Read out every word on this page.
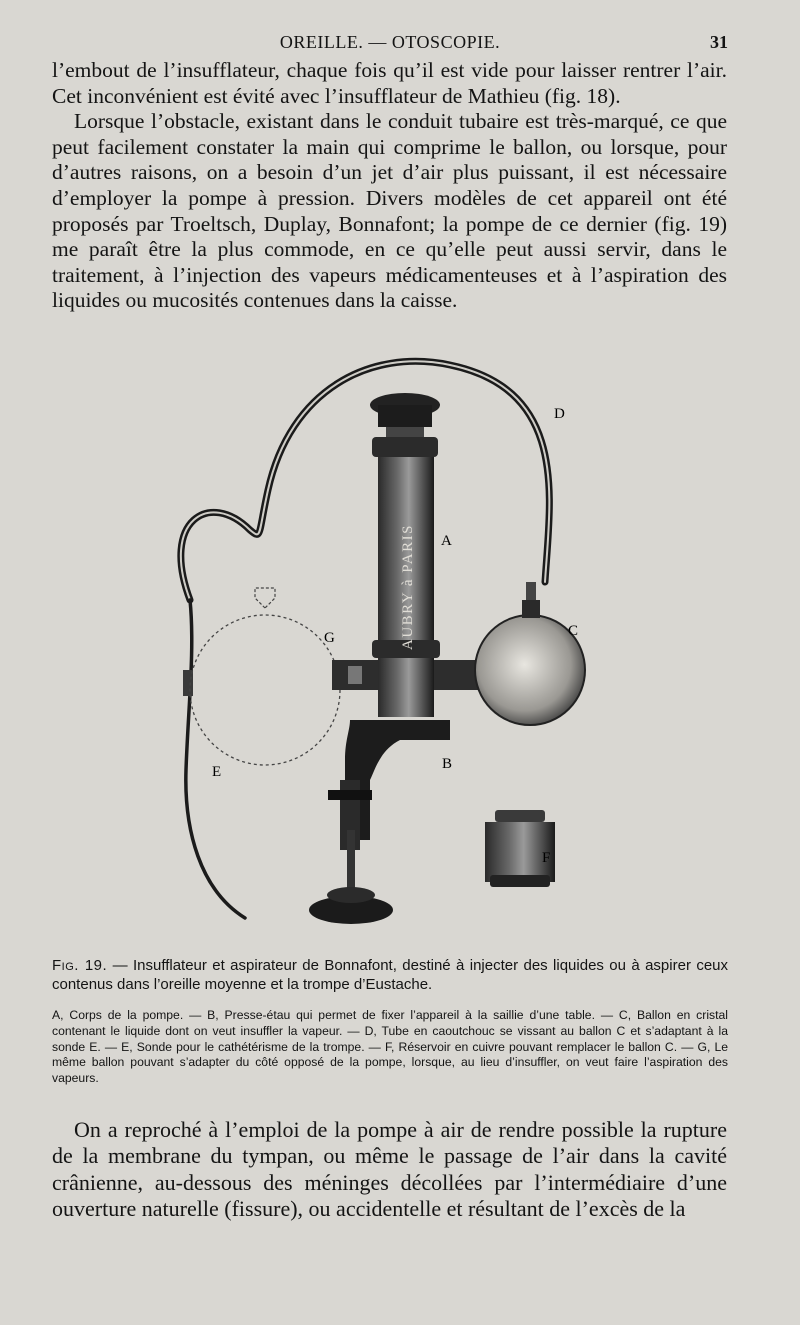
OREILLE. — OTOSCOPIE.	31

l’embout de l’insufflateur, chaque fois qu’il est vide pour laisser rentrer l’air. Cet inconvénient est évité avec l’insufflateur de Mathieu (fig. 18).

Lorsque l’obstacle, existant dans le conduit tubaire est très-marqué, ce que peut facilement constater la main qui comprime le ballon, ou lorsque, pour d’autres raisons, on a besoin d’un jet d’air plus puissant, il est nécessaire d’employer la pompe à pression. Divers modèles de cet appareil ont été proposés par Troeltsch, Duplay, Bonnafont; la pompe de ce dernier (fig. 19) me paraît être la plus commode, en ce qu’elle peut aussi servir, dans le traitement, à l’injection des vapeurs médicamenteuses et à l’aspiration des liquides ou mucosités contenues dans la caisse.

AUBRY à PARIS A
B
C
D
E
F
G
Fig. 19. — Insufflateur et aspirateur de Bonnafont, destiné à injecter des liquides ou à aspirer ceux contenus dans l’oreille moyenne et la trompe d’Eustache.

A, Corps de la pompe. — B, Presse-étau qui permet de fixer l’appareil à la saillie d’une table. — C, Ballon en cristal contenant le liquide dont on veut insuffler la vapeur. — D, Tube en caoutchouc se vissant au ballon C et s’adaptant à la sonde E. — E, Sonde pour le cathétérisme de la trompe. — F, Réservoir en cuivre pouvant remplacer le ballon C. — G, Le même ballon pouvant s’adapter du côté opposé de la pompe, lorsque, au lieu d’insuffler, on veut faire l’aspiration des vapeurs.

On a reproché à l’emploi de la pompe à air de rendre possible la rupture de la membrane du tympan, ou même le passage de l’air dans la cavité crânienne, au-dessous des méninges décollées par l’intermédiaire d’une ouverture naturelle (fissure), ou accidentelle et résultant de l’excès de la
